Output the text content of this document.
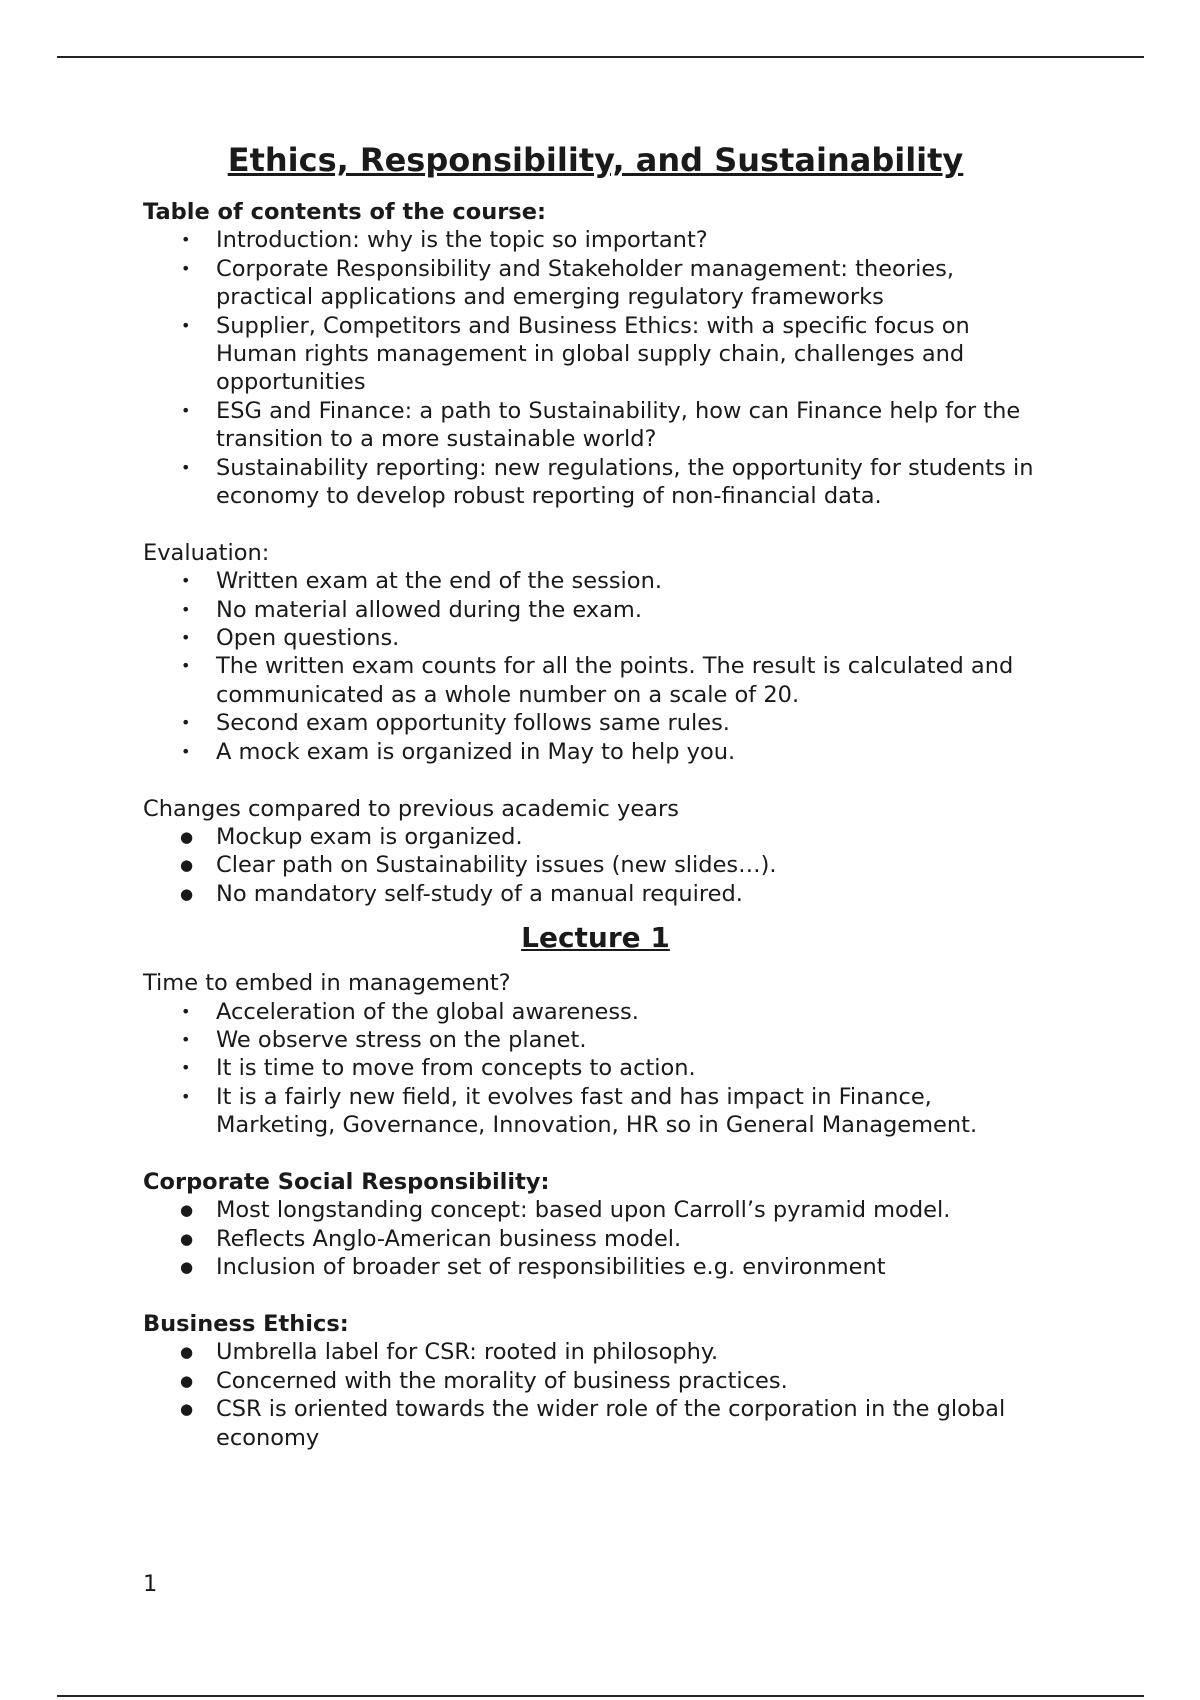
Ethics, Responsibility, and Sustainability
Table of contents of the course:
• Introduction: why is the topic so important?
• Corporate Responsibility and Stakeholder management: theories, practical applications and emerging regulatory frameworks
• Supplier, Competitors and Business Ethics: with a specific focus on Human rights management in global supply chain, challenges and opportunities
• ESG and Finance: a path to Sustainability, how can Finance help for the transition to a more sustainable world?
• Sustainability reporting: new regulations, the opportunity for students in economy to develop robust reporting of non-financial data.
Evaluation:
• Written exam at the end of the session.
• No material allowed during the exam.
• Open questions.
• The written exam counts for all the points. The result is calculated and communicated as a whole number on a scale of 20.
• Second exam opportunity follows same rules.
• A mock exam is organized in May to help you.
Changes compared to previous academic years
● Mockup exam is organized.
● Clear path on Sustainability issues (new slides…).
● No mandatory self-study of a manual required.
Lecture 1
Time to embed in management?
• Acceleration of the global awareness.
• We observe stress on the planet.
• It is time to move from concepts to action.
• It is a fairly new field, it evolves fast and has impact in Finance, Marketing, Governance, Innovation, HR so in General Management.
Corporate Social Responsibility:
● Most longstanding concept: based upon Carroll’s pyramid model.
● Reflects Anglo-American business model.
● Inclusion of broader set of responsibilities e.g. environment
Business Ethics:
● Umbrella label for CSR: rooted in philosophy.
● Concerned with the morality of business practices.
● CSR is oriented towards the wider role of the corporation in the global economy
1
